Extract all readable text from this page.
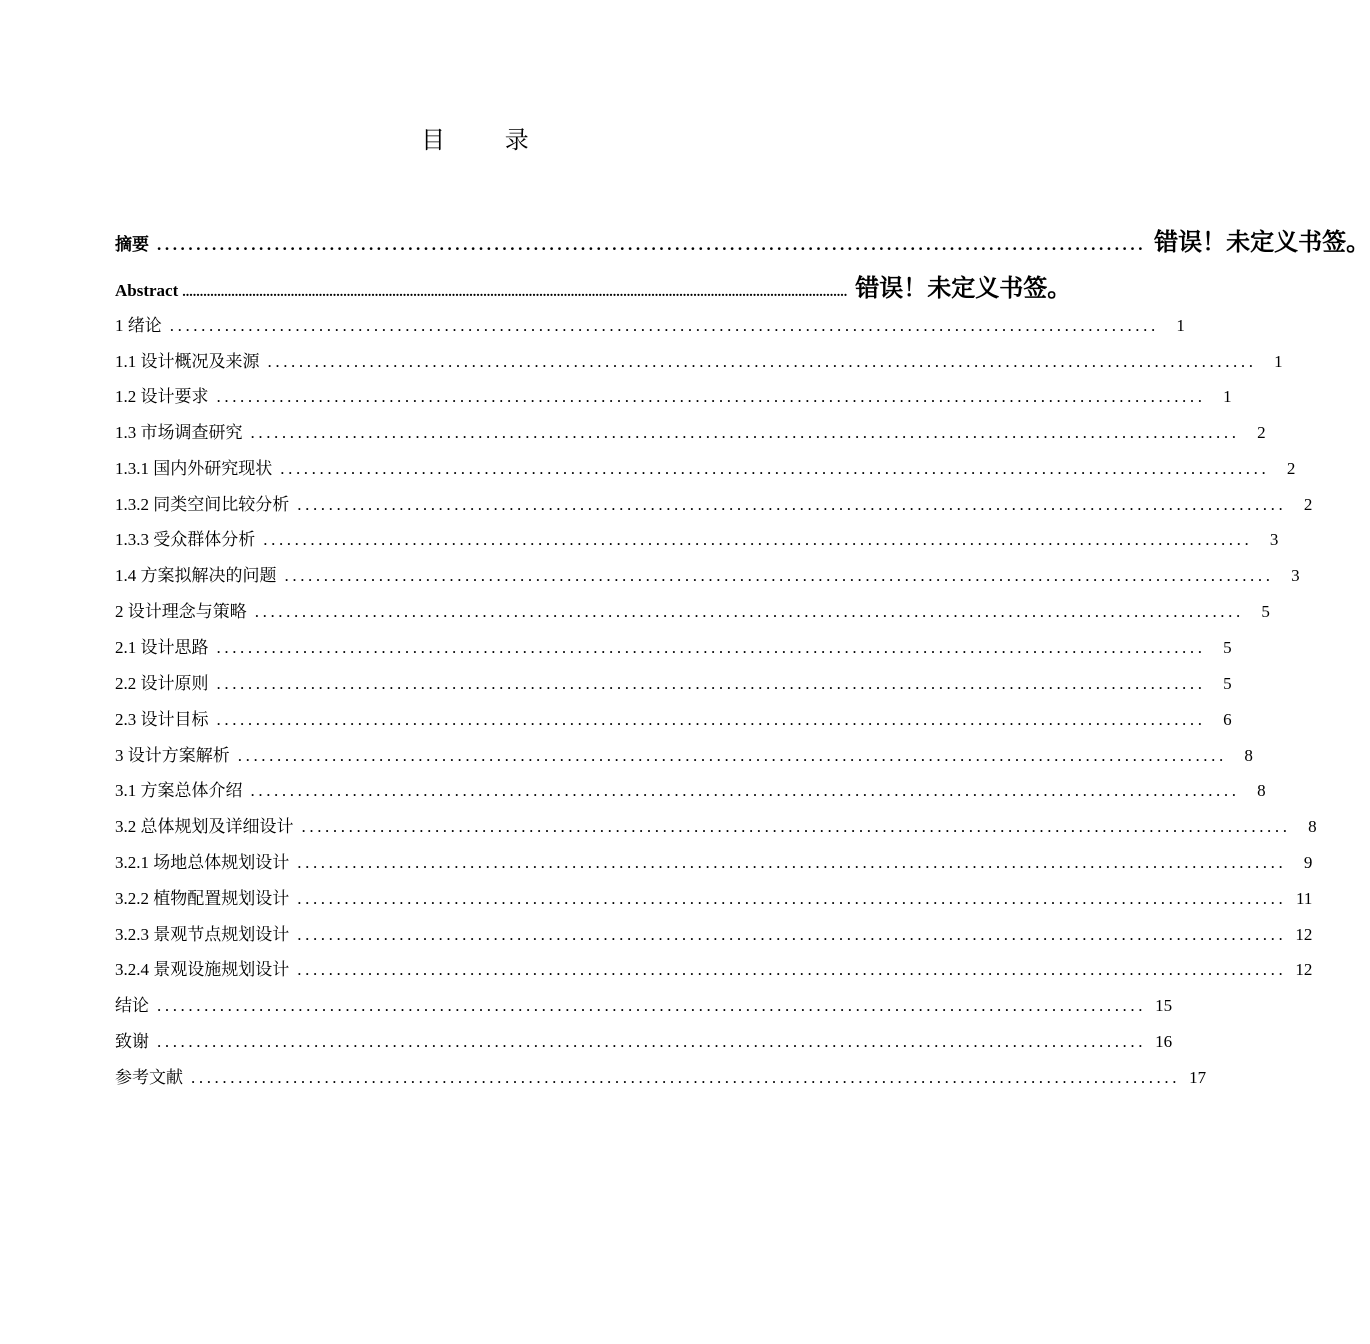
目 录
摘要 .............................................................................................................................. 错误！未定义书签。
Abstract .............................................................................................................................................................................................. 错误！未定义书签。
1 绪论 ..............................................................................................................................	1
1.1 设计概况及来源 ..............................................................................................................................	1
1.2 设计要求 ..............................................................................................................................	1
1.3 市场调查研究 ..............................................................................................................................	2
1.3.1 国内外研究现状 ..............................................................................................................................	2
1.3.2 同类空间比较分析 ..............................................................................................................................	2
1.3.3 受众群体分析 ..............................................................................................................................	3
1.4 方案拟解决的问题 ..............................................................................................................................	3
2 设计理念与策略 ..............................................................................................................................	5
2.1 设计思路 ..............................................................................................................................	5
2.2 设计原则 ..............................................................................................................................	5
2.3 设计目标 ..............................................................................................................................	6
3 设计方案解析 ..............................................................................................................................	8
3.1 方案总体介绍 ..............................................................................................................................	8
3.2 总体规划及详细设计 ..............................................................................................................................	8
3.2.1 场地总体规划设计 ..............................................................................................................................	9
3.2.2 植物配置规划设计 .............................................................................................................................. 11
3.2.3 景观节点规划设计 .............................................................................................................................. 12
3.2.4 景观设施规划设计 .............................................................................................................................. 12
结论 .............................................................................................................................. 15
致谢 .............................................................................................................................. 16
参考文献 .............................................................................................................................. 17
